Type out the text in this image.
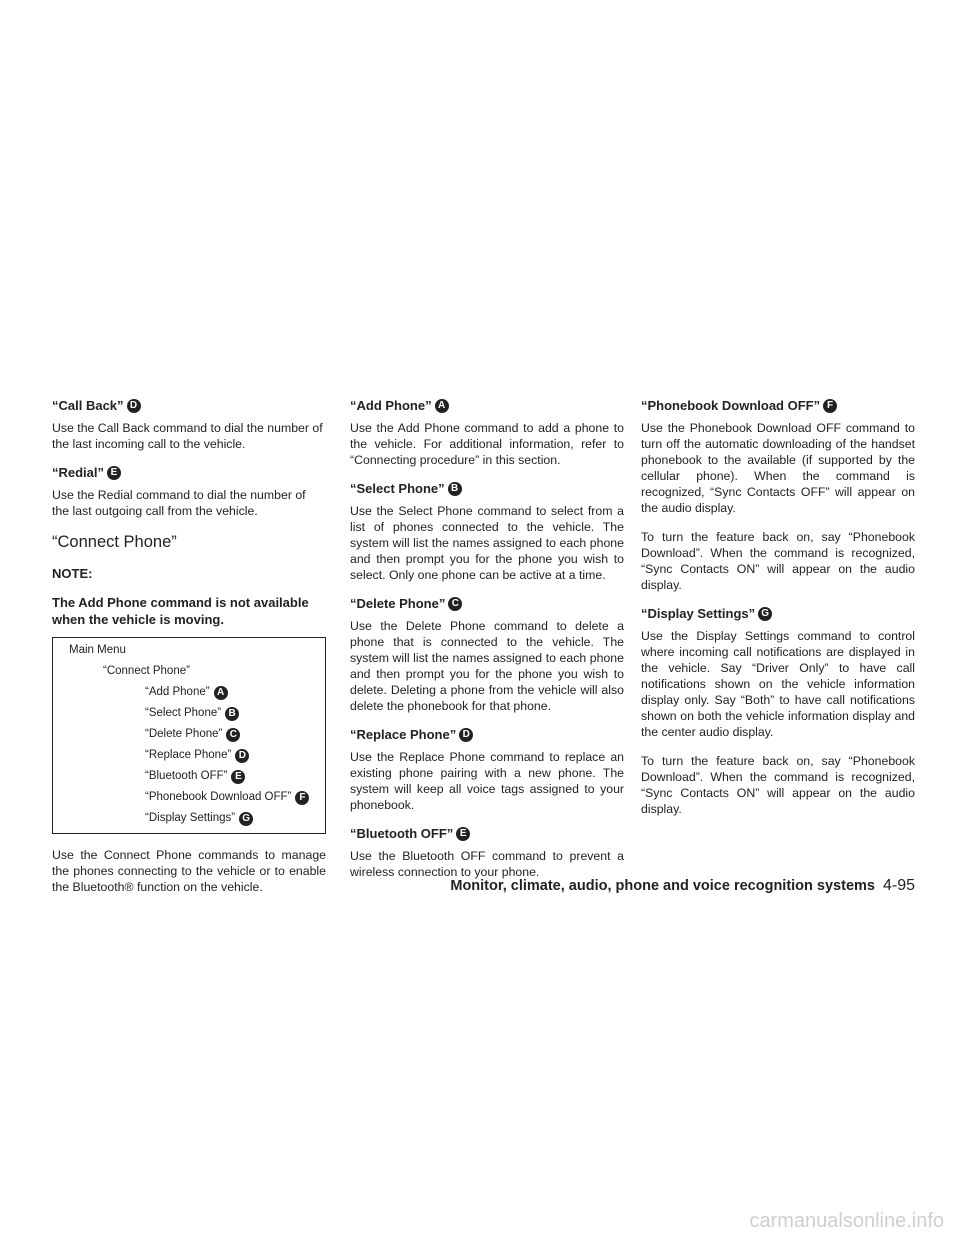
“Call Back” D

Use the Call Back command to dial the number of the last incoming call to the vehicle.

“Redial” E

Use the Redial command to dial the number of the last outgoing call from the vehicle.

“Connect Phone”
NOTE:
The Add Phone command is not available when the vehicle is moving.
Main Menu
“Connect Phone”
“Add Phone” A
“Select Phone” B
“Delete Phone” C
“Replace Phone” D
“Bluetooth OFF” E
“Phonebook Download OFF” F
“Display Settings” G

Use the Connect Phone commands to manage the phones connecting to the vehicle or to enable the Bluetooth® function on the vehicle.

“Add Phone” A

Use the Add Phone command to add a phone to the vehicle. For additional information, refer to “Connecting procedure” in this section.

“Select Phone” B

Use the Select Phone command to select from a list of phones connected to the vehicle. The system will list the names assigned to each phone and then prompt you for the phone you wish to select. Only one phone can be active at a time.

“Delete Phone” C

Use the Delete Phone command to delete a phone that is connected to the vehicle. The system will list the names assigned to each phone and then prompt you for the phone you wish to delete. Deleting a phone from the vehicle will also delete the phonebook for that phone.

“Replace Phone” D

Use the Replace Phone command to replace an existing phone pairing with a new phone. The system will keep all voice tags assigned to your phonebook.

“Bluetooth OFF” E

Use the Bluetooth OFF command to prevent a wireless connection to your phone.

“Phonebook Download OFF” F

Use the Phonebook Download OFF command to turn off the automatic downloading of the handset phonebook to the available (if supported by the cellular phone). When the command is recognized, “Sync Contacts OFF” will appear on the audio display.

To turn the feature back on, say “Phonebook Download”. When the command is recognized, “Sync Contacts ON” will appear on the audio display.

“Display Settings” G

Use the Display Settings command to control where incoming call notifications are displayed in the vehicle. Say “Driver Only” to have call notifications shown on the vehicle information display only. Say “Both” to have call notifications shown on both the vehicle information display and the center audio display.

To turn the feature back on, say “Phonebook Download”. When the command is recognized, “Sync Contacts ON” will appear on the audio display.

Monitor, climate, audio, phone and voice recognition systems 4-95
carmanualsonline.info
